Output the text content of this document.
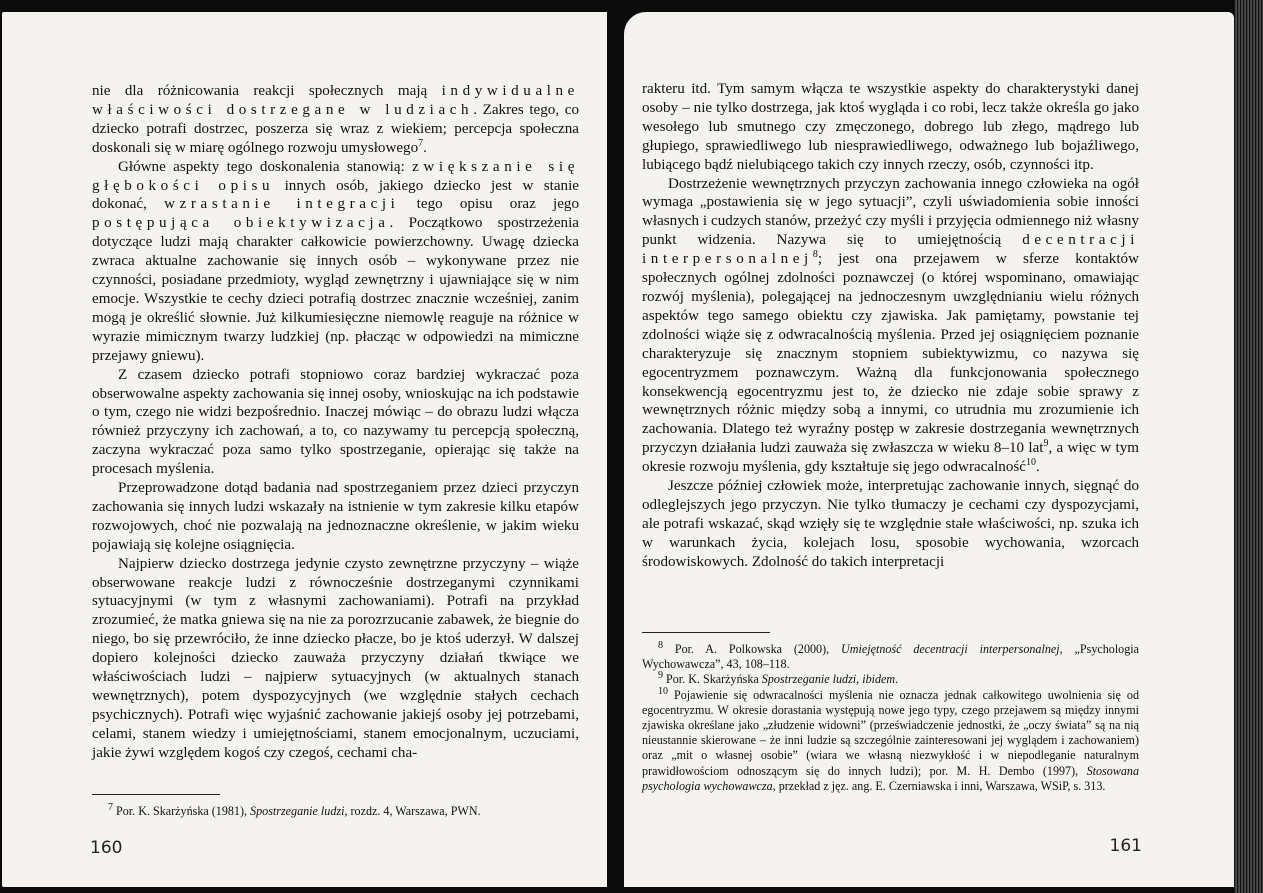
nie dla różnicowania reakcji społecznych mają indywidualne właściwości dostrzegane w ludziach. Zakres tego, co dziecko potrafi dostrzec, poszerza się wraz z wiekiem; percepcja społeczna doskonali się w miarę ogólnego rozwoju umysłowego$^7$.

Główne aspekty tego doskonalenia stanowią: zwiększanie się głębokości opisu innych osób, jakiego dziecko jest w stanie dokonać, wzrastanie integracji tego opisu oraz jego postępująca obiektywizacja. Początkowo spostrzeżenia dotyczące ludzi mają charakter całkowicie powierzchowny. Uwagę dziecka zwraca aktualne zachowanie się innych osób – wykonywane przez nie czynności, posiadane przedmioty, wygląd zewnętrzny i ujawniające się w nim emocje. Wszystkie te cechy dzieci potrafią dostrzec znacznie wcześniej, zanim mogą je określić słownie. Już kilkumiesięczne niemowlę reaguje na różnice w wyrazie mimicznym twarzy ludzkiej (np. płacząc w odpowiedzi na mimiczne przejawy gniewu).

Z czasem dziecko potrafi stopniowo coraz bardziej wykraczać poza obserwowalne aspekty zachowania się innej osoby, wnioskując na ich podstawie o tym, czego nie widzi bezpośrednio. Inaczej mówiąc – do obrazu ludzi włącza również przyczyny ich zachowań, a to, co nazywamy tu percepcją społeczną, zaczyna wykraczać poza samo tylko spostrzeganie, opierając się także na procesach myślenia.

Przeprowadzone dotąd badania nad spostrzeganiem przez dzieci przyczyn zachowania się innych ludzi wskazały na istnienie w tym zakresie kilku etapów rozwojowych, choć nie pozwalają na jednoznaczne określenie, w jakim wieku pojawiają się kolejne osiągnięcia.

Najpierw dziecko dostrzega jedynie czysto zewnętrzne przyczyny – wiąże obserwowane reakcje ludzi z równocześnie dostrzeganymi czynnikami sytuacyjnymi (w tym z własnymi zachowaniami). Potrafi na przykład zrozumieć, że matka gniewa się na nie za porozrzucanie zabawek, że biegnie do niego, bo się przewróciło, że inne dziecko płacze, bo je ktoś uderzył. W dalszej dopiero kolejności dziecko zauważa przyczyny działań tkwiące we właściwościach ludzi – najpierw sytuacyjnych (w aktualnych stanach wewnętrznych), potem dyspozycyjnych (we względnie stałych cechach psychicznych). Potrafi więc wyjaśnić zachowanie jakiejś osoby jej potrzebami, celami, stanem wiedzy i umiejętnościami, stanem emocjonalnym, uczuciami, jakie żywi względem kogoś czy czegoś, cechami cha-

$^7$ Por. K. Skarżyńska (1981), Spostrzeganie ludzi, rozdz. 4, Warszawa, PWN.

160

rakteru itd. Tym samym włącza te wszystkie aspekty do charakterystyki danej osoby – nie tylko dostrzega, jak ktoś wygląda i co robi, lecz także określa go jako wesołego lub smutnego czy zmęczonego, dobrego lub złego, mądrego lub głupiego, sprawiedliwego lub niesprawiedliwego, odważnego lub bojaźliwego, lubiącego bądź nielubiącego takich czy innych rzeczy, osób, czynności itp.

Dostrzeżenie wewnętrznych przyczyn zachowania innego człowieka na ogół wymaga „postawienia się w jego sytuacji”, czyli uświadomienia sobie inności własnych i cudzych stanów, przeżyć czy myśli i przyjęcia odmiennego niż własny punkt widzenia. Nazywa się to umiejętnością decentracji interpersonalnej$^8$; jest ona przejawem w sferze kontaktów społecznych ogólnej zdolności poznawczej (o której wspominano, omawiając rozwój myślenia), polegającej na jednoczesnym uwzględnianiu wielu różnych aspektów tego samego obiektu czy zjawiska. Jak pamiętamy, powstanie tej zdolności wiąże się z odwracalnością myślenia. Przed jej osiągnięciem poznanie charakteryzuje się znacznym stopniem subiektywizmu, co nazywa się egocentryzmem poznawczym. Ważną dla funkcjonowania społecznego konsekwencją egocentryzmu jest to, że dziecko nie zdaje sobie sprawy z wewnętrznych różnic między sobą a innymi, co utrudnia mu zrozumienie ich zachowania. Dlatego też wyraźny postęp w zakresie dostrzegania wewnętrznych przyczyn działania ludzi zauważa się zwłaszcza w wieku 8–10 lat$^9$, a więc w tym okresie rozwoju myślenia, gdy kształtuje się jego odwracalność$^{10}$.

Jeszcze później człowiek może, interpretując zachowanie innych, sięgnąć do odleglejszych jego przyczyn. Nie tylko tłumaczy je cechami czy dyspozycjami, ale potrafi wskazać, skąd wzięły się te względnie stałe właściwości, np. szuka ich w warunkach życia, kolejach losu, sposobie wychowania, wzorcach środowiskowych. Zdolność do takich interpretacji

$^8$ Por. A. Polkowska (2000), Umiejętność decentracji interpersonalnej, „Psychologia Wychowawcza”, 43, 108–118.

$^9$ Por. K. Skarżyńska Spostrzeganie ludzi, ibidem.

$^{10}$ Pojawienie się odwracalności myślenia nie oznacza jednak całkowitego uwolnienia się od egocentryzmu. W okresie dorastania występują nowe jego typy, czego przejawem są między innymi zjawiska określane jako „złudzenie widowni” (przeświadczenie jednostki, że „oczy świata” są na nią nieustannie skierowane – że inni ludzie są szczególnie zainteresowani jej wyglądem i zachowaniem) oraz „mit o własnej osobie” (wiara we własną niezwykłość i w niepodleganie naturalnym prawidłowościom odnoszącym się do innych ludzi); por. M. H. Dembo (1997), Stosowana psychologia wychowawcza, przekład z jęz. ang. E. Czerniawska i inni, Warszawa, WSiP, s. 313.

161
